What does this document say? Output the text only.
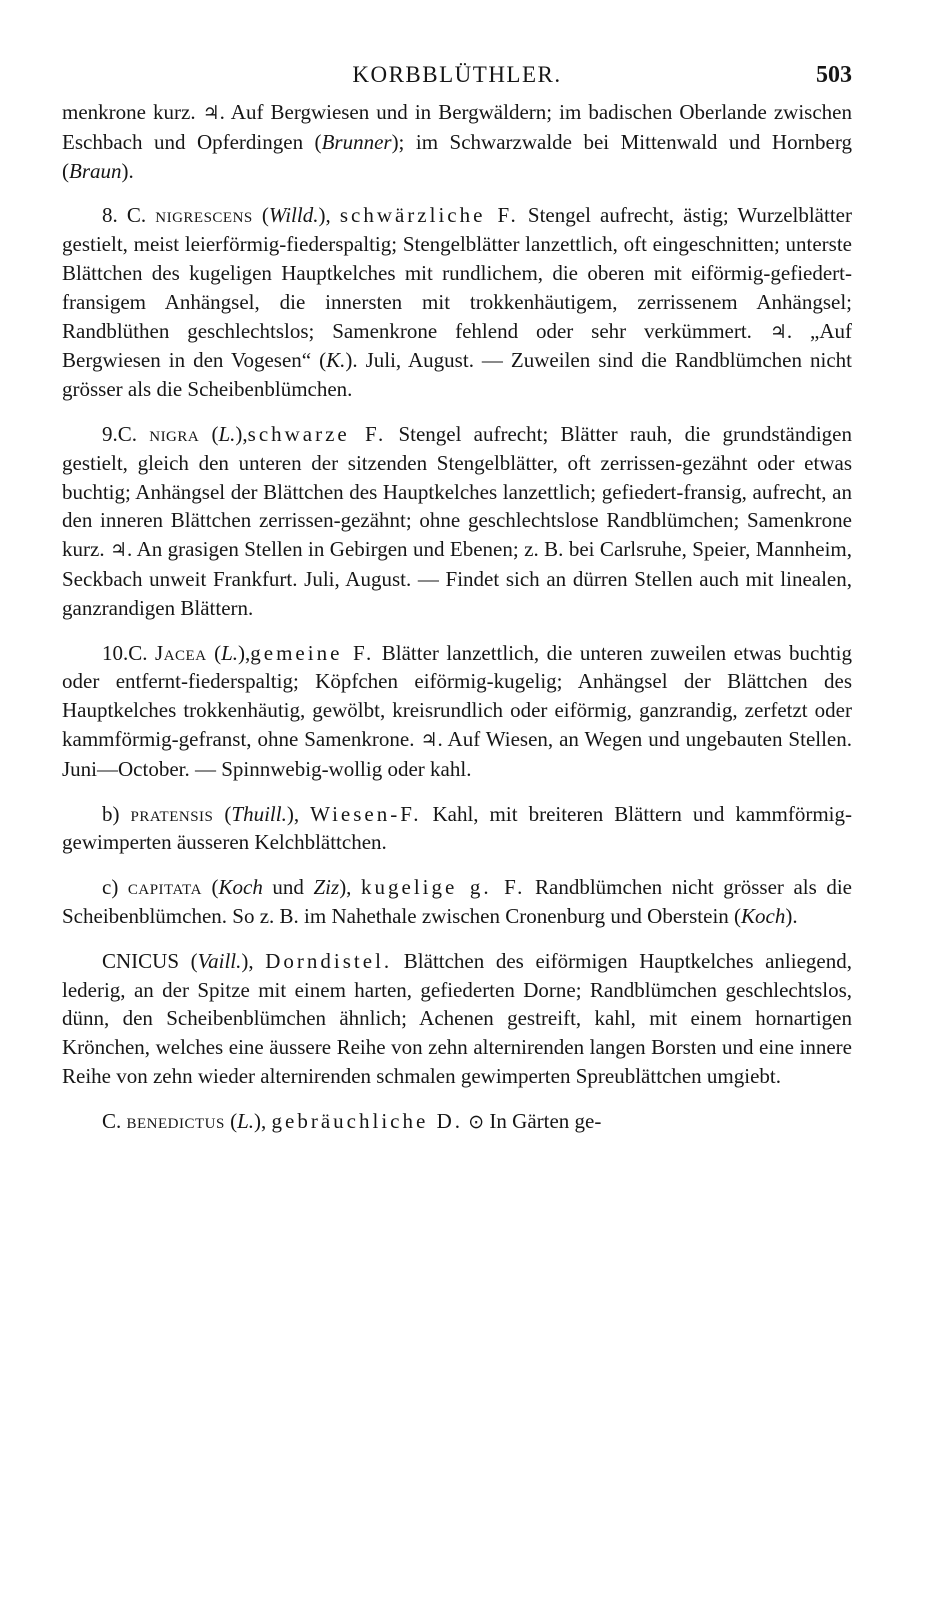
KORBBLÜTHLER.	503

menkrone kurz. ♃. Auf Bergwiesen und in Bergwäldern; im badischen Oberlande zwischen Eschbach und Opferdingen (Brunner); im Schwarzwalde bei Mittenwald und Hornberg (Braun).

8. C. nigrescens (Willd.), schwärzliche F. Stengel aufrecht, ästig; Wurzelblätter gestielt, meist leierförmig-fiederspaltig; Stengelblätter lanzettlich, oft eingeschnitten; unterste Blättchen des kugeligen Hauptkelches mit rundlichem, die oberen mit eiförmig-gefiedert-fransigem Anhängsel, die innersten mit trokkenhäutigem, zerrissenem Anhängsel; Randblüthen geschlechtslos; Samenkrone fehlend oder sehr verkümmert. ♃. „Auf Bergwiesen in den Vogesen“ (K.). Juli, August. — Zuweilen sind die Randblümchen nicht grösser als die Scheibenblümchen.

9.C. nigra (L.),schwarze F. Stengel aufrecht; Blätter rauh, die grundständigen gestielt, gleich den unteren der sitzenden Stengelblätter, oft zerrissen-gezähnt oder etwas buchtig; Anhängsel der Blättchen des Hauptkelches lanzettlich; gefiedert-fransig, aufrecht, an den inneren Blättchen zerrissen-gezähnt; ohne geschlechtslose Randblümchen; Samenkrone kurz. ♃. An grasigen Stellen in Gebirgen und Ebenen; z. B. bei Carlsruhe, Speier, Mannheim, Seckbach unweit Frankfurt. Juli, August. — Findet sich an dürren Stellen auch mit linealen, ganzrandigen Blättern.

10.C. Jacea (L.),gemeine F. Blätter lanzettlich, die unteren zuweilen etwas buchtig oder entfernt-fiederspaltig; Köpfchen eiförmig-kugelig; Anhängsel der Blättchen des Hauptkelches trokkenhäutig, gewölbt, kreisrundlich oder eiförmig, ganzrandig, zerfetzt oder kammförmig-gefranst, ohne Samenkrone. ♃. Auf Wiesen, an Wegen und ungebauten Stellen. Juni—October. — Spinnwebig-wollig oder kahl.

b) pratensis (Thuill.), Wiesen-F. Kahl, mit breiteren Blättern und kammförmig-gewimperten äusseren Kelchblättchen.

c) capitata (Koch und Ziz), kugelige g. F. Randblümchen nicht grösser als die Scheibenblümchen. So z. B. im Nahethale zwischen Cronenburg und Oberstein (Koch).

CNICUS (Vaill.), Dorndistel. Blättchen des eiförmigen Hauptkelches anliegend, lederig, an der Spitze mit einem harten, gefiederten Dorne; Randblümchen geschlechtslos, dünn, den Scheibenblümchen ähnlich; Achenen gestreift, kahl, mit einem hornartigen Krönchen, welches eine äussere Reihe von zehn alternirenden langen Borsten und eine innere Reihe von zehn wieder alternirenden schmalen gewimperten Spreublättchen umgiebt.

C. benedictus (L.), gebräuchliche D. ⊙ In Gärten ge-
